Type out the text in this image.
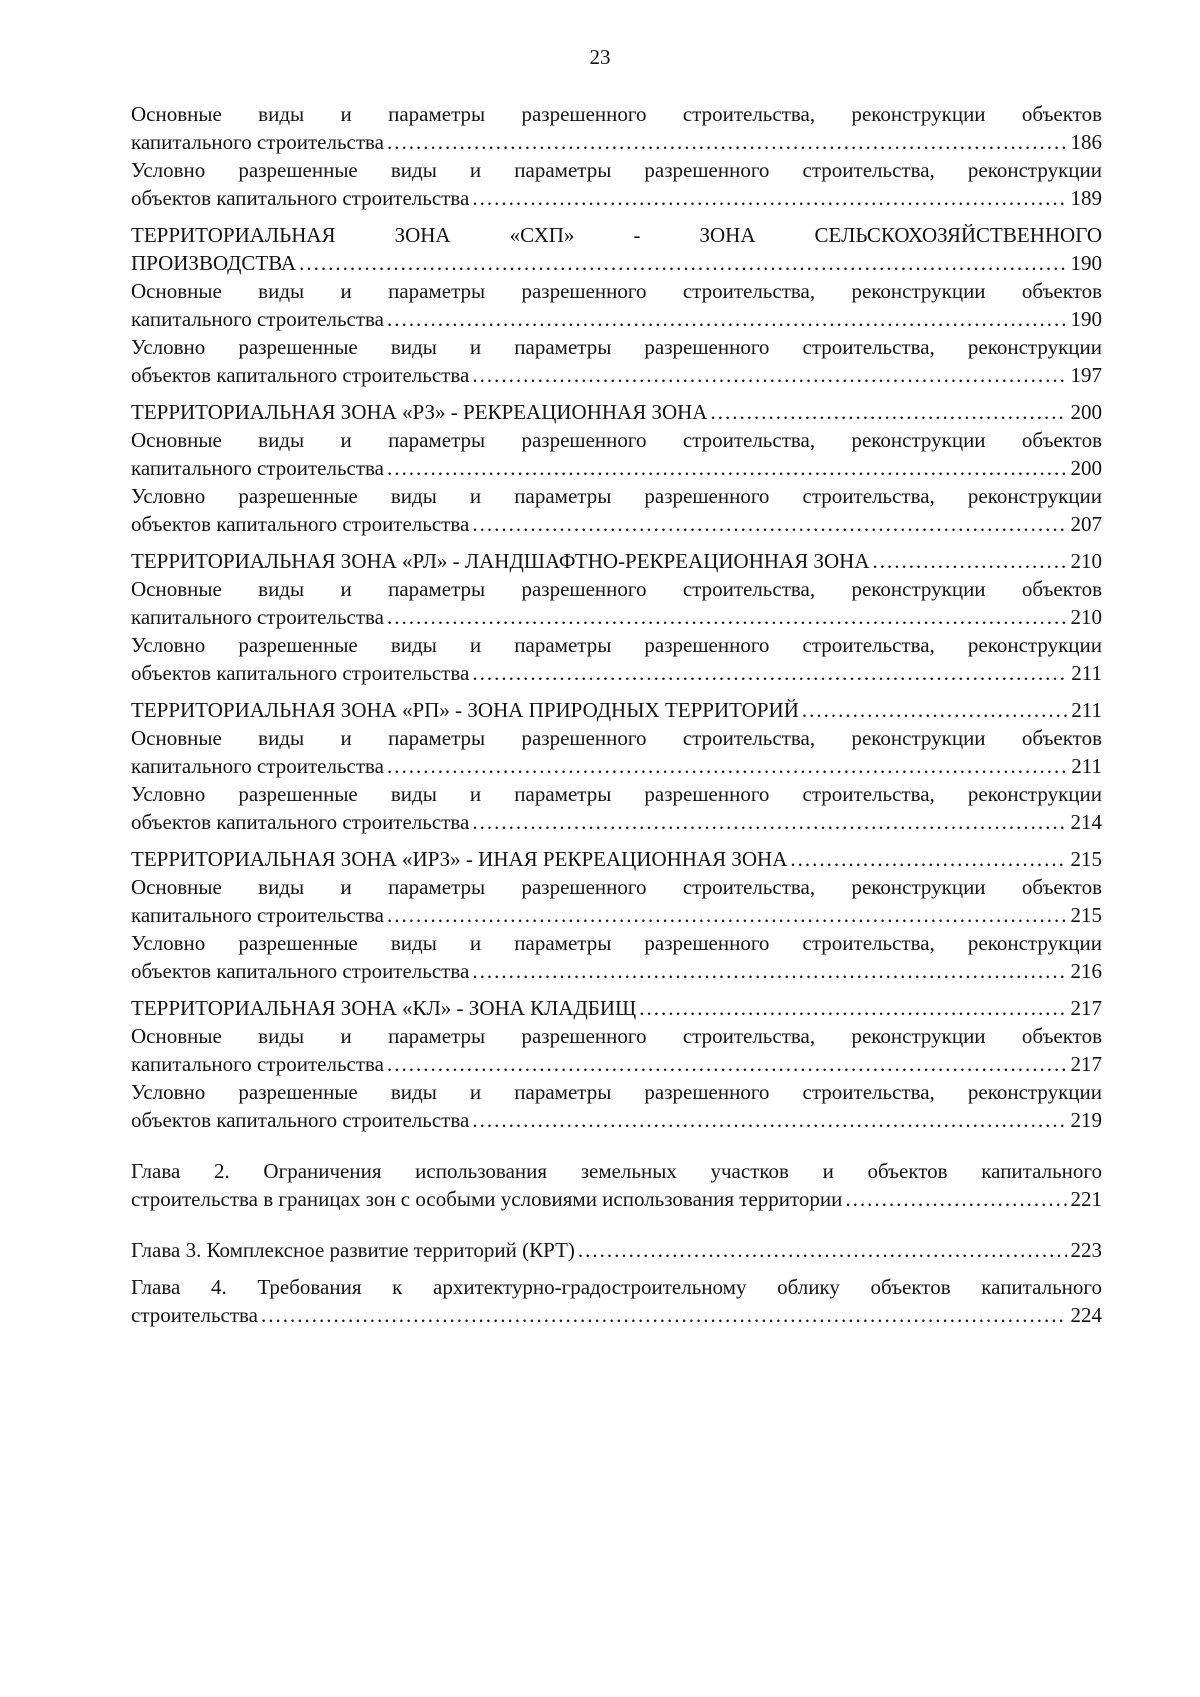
23
Основные виды и параметры разрешенного строительства, реконструкции объектов
капитального строительства .....	186
Условно разрешенные виды и параметры разрешенного строительства, реконструкции
объектов капитального строительства .....	189
ТЕРРИТОРИАЛЬНАЯ ЗОНА «СХП» - ЗОНА СЕЛЬСКОХОЗЯЙСТВЕННОГО
ПРОИЗВОДСТВА .....	190
Основные виды и параметры разрешенного строительства, реконструкции объектов
капитального строительства .....	190
Условно разрешенные виды и параметры разрешенного строительства, реконструкции
объектов капитального строительства .....	197
ТЕРРИТОРИАЛЬНАЯ ЗОНА «РЗ» - РЕКРЕАЦИОННАЯ ЗОНА .....	200
Основные виды и параметры разрешенного строительства, реконструкции объектов
капитального строительства .....	200
Условно разрешенные виды и параметры разрешенного строительства, реконструкции
объектов капитального строительства .....	207
ТЕРРИТОРИАЛЬНАЯ ЗОНА «РЛ» - ЛАНДШАФТНО-РЕКРЕАЦИОННАЯ ЗОНА .....	210
Основные виды и параметры разрешенного строительства, реконструкции объектов
капитального строительства .....	210
Условно разрешенные виды и параметры разрешенного строительства, реконструкции
объектов капитального строительства .....	211
ТЕРРИТОРИАЛЬНАЯ ЗОНА «РП» - ЗОНА ПРИРОДНЫХ ТЕРРИТОРИЙ .....	211
Основные виды и параметры разрешенного строительства, реконструкции объектов
капитального строительства .....	211
Условно разрешенные виды и параметры разрешенного строительства, реконструкции
объектов капитального строительства .....	214
ТЕРРИТОРИАЛЬНАЯ ЗОНА «ИРЗ» - ИНАЯ РЕКРЕАЦИОННАЯ ЗОНА .....	215
Основные виды и параметры разрешенного строительства, реконструкции объектов
капитального строительства .....	215
Условно разрешенные виды и параметры разрешенного строительства, реконструкции
объектов капитального строительства .....	216
ТЕРРИТОРИАЛЬНАЯ ЗОНА «КЛ» - ЗОНА КЛАДБИЩ .....	217
Основные виды и параметры разрешенного строительства, реконструкции объектов
капитального строительства .....	217
Условно разрешенные виды и параметры разрешенного строительства, реконструкции
объектов капитального строительства .....	219
Глава 2. Ограничения использования земельных участков и объектов капитального
строительства в границах зон с особыми условиями использования территории .....	221
Глава 3. Комплексное развитие территорий (КРТ) .....	223
Глава 4. Требования к архитектурно-градостроительному облику объектов капитального
строительства .....	224
